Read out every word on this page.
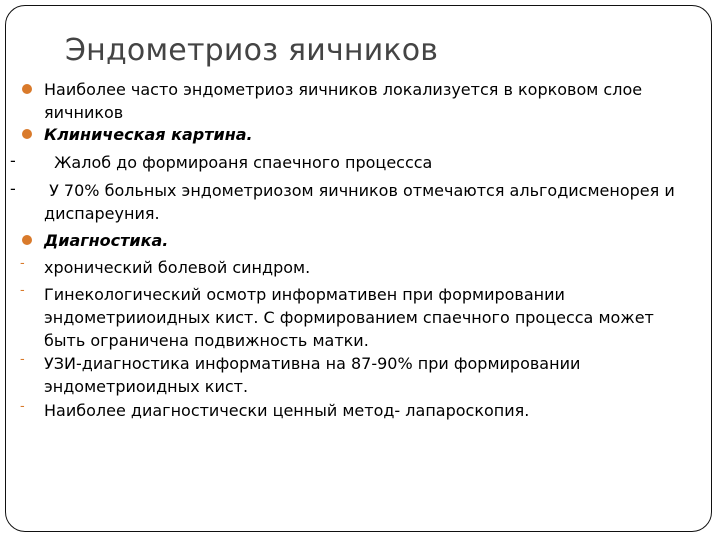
Эндометриоз яичников
Наиболее часто эндометриоз яичников локализуется в корковом слое яичников
Клиническая картина.
- Жалоб до формироаня спаечного процессса
- У 70% больных эндометриозом яичников отмечаются альгодисменорея и диспареуния.
Диагностика.
- хронический болевой синдром.
- Гинекологический осмотр информативен при формировании эндометрииоидных кист. С формированием спаечного процесса может быть ограничена подвижность матки.
- УЗИ-диагностика информативна на 87-90% при формировании эндометриоидных кист.
- Наиболее диагностически ценный метод- лапароскопия.
